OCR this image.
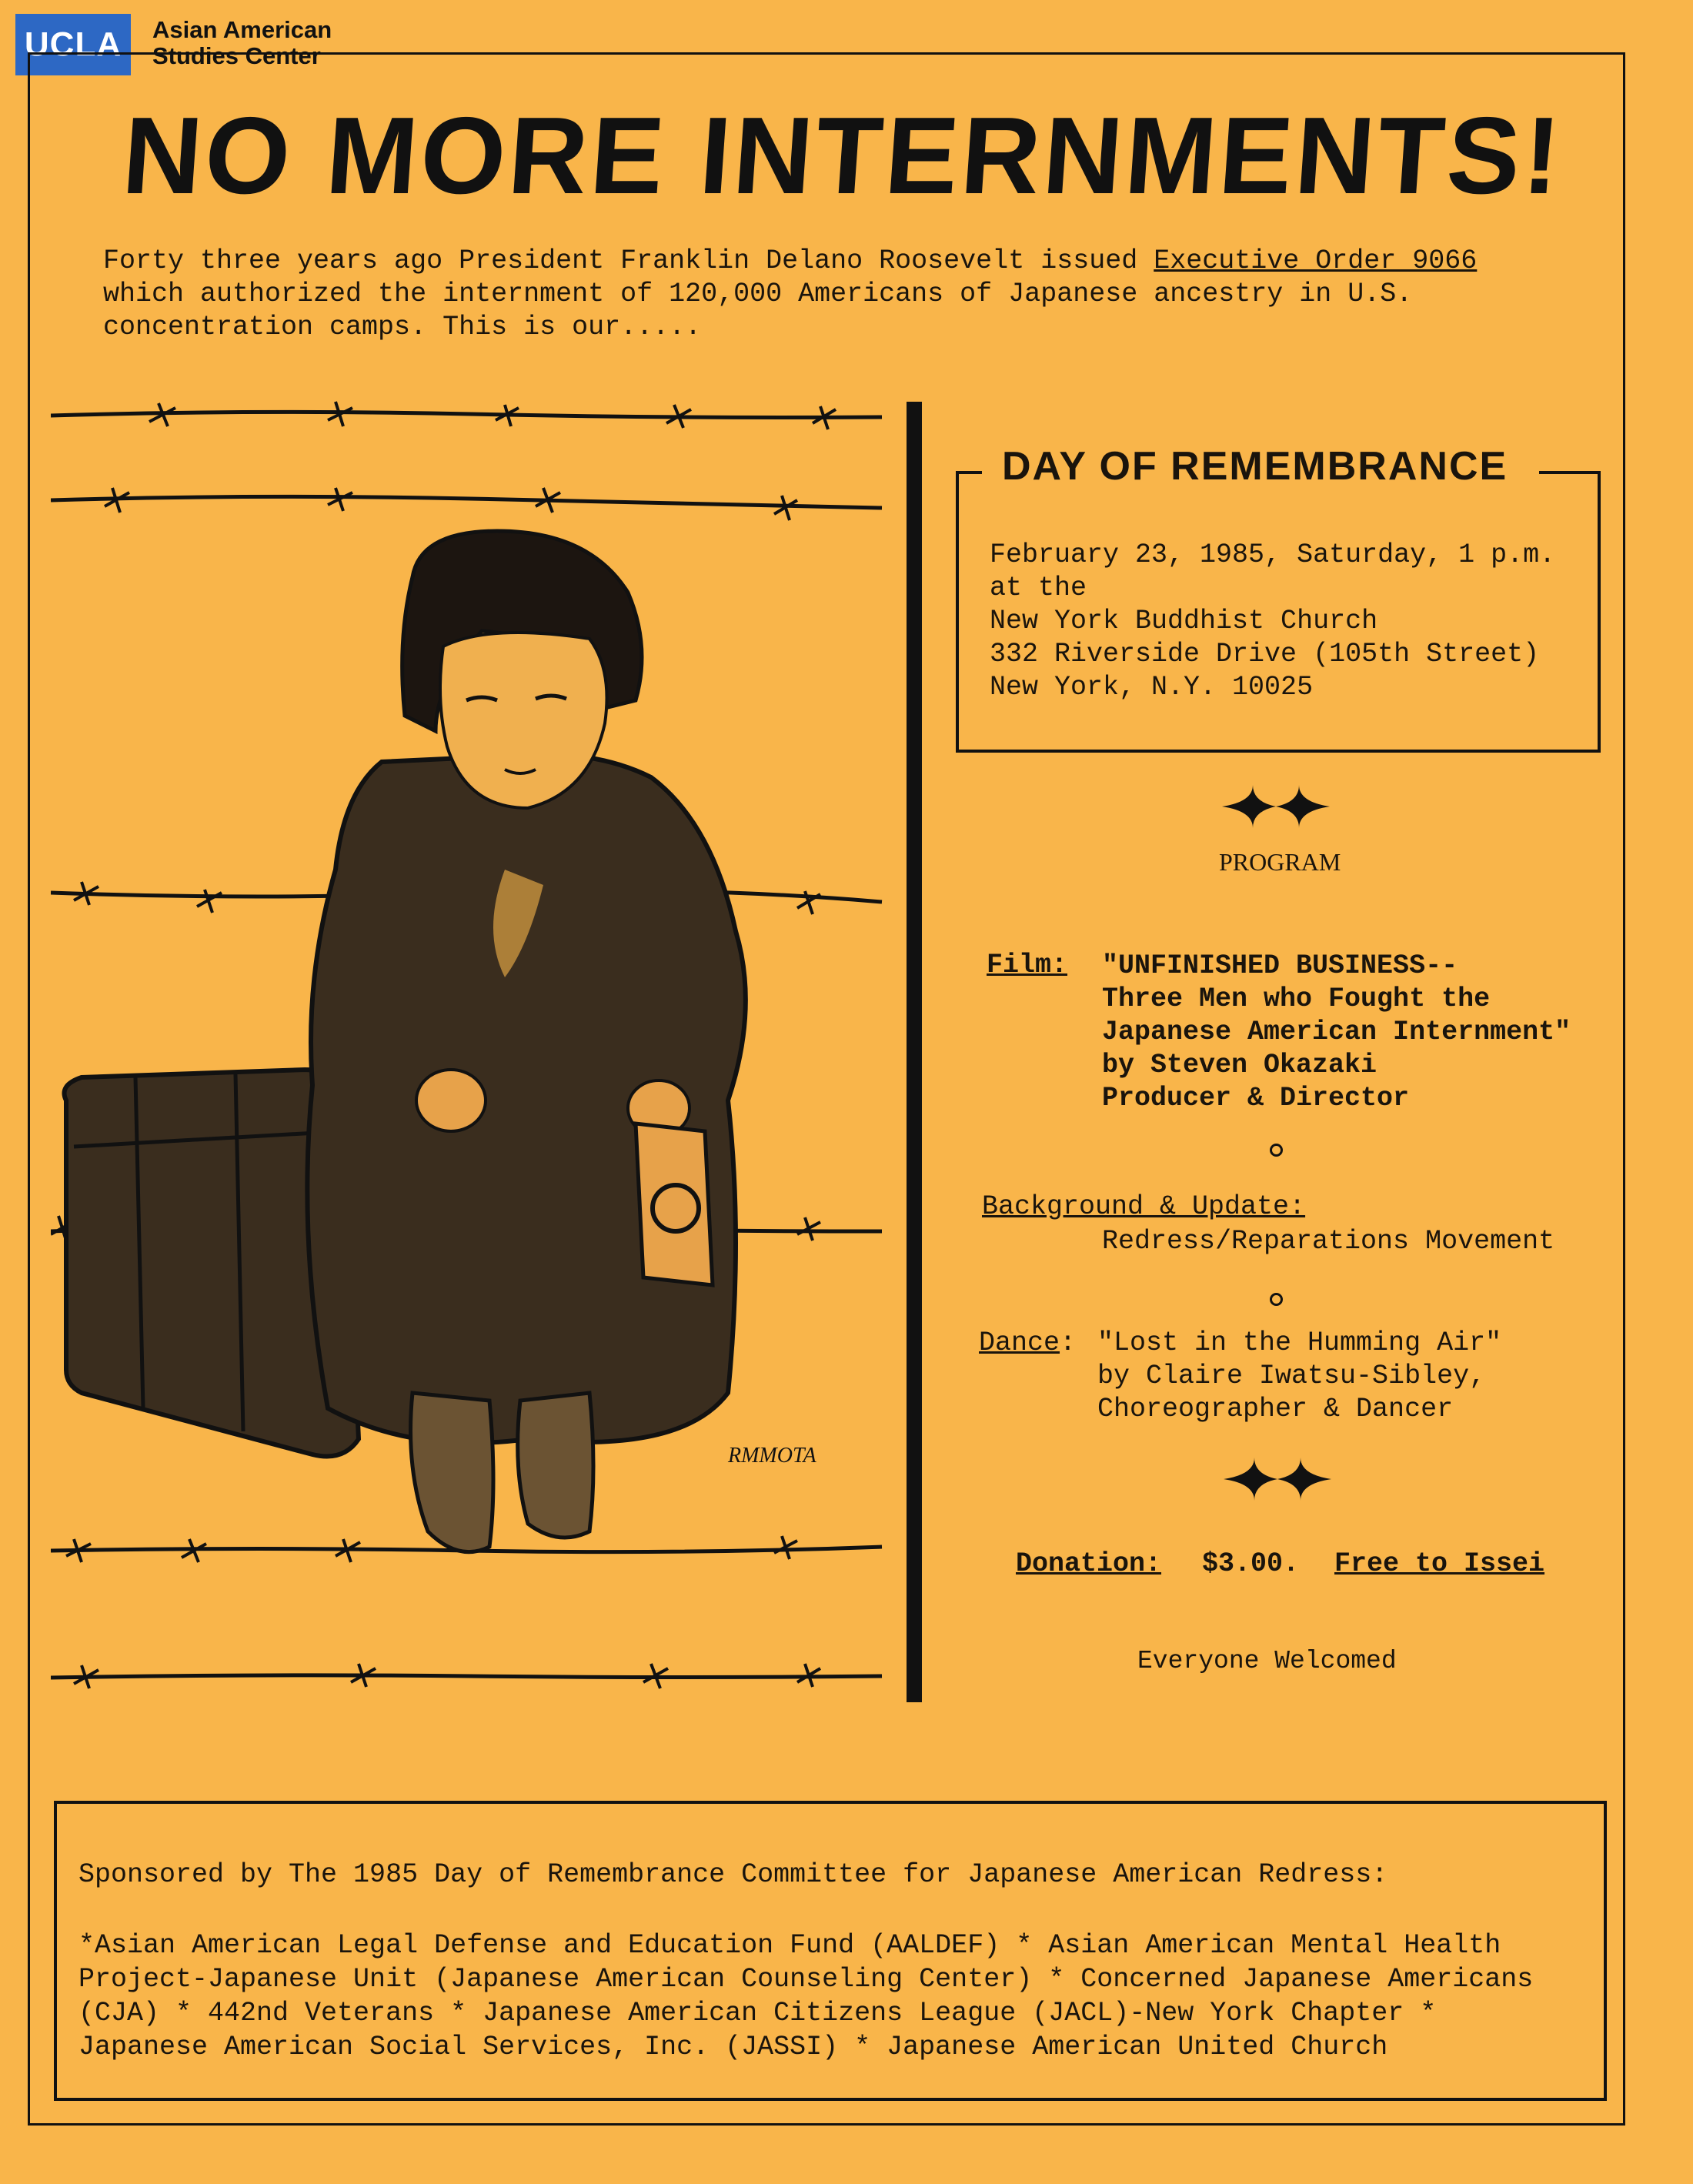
UCLA	Asian American
Studies Center
NO MORE INTERNMENTS!
Forty three years ago President Franklin Delano Roosevelt issued Executive Order 9066 which authorized the internment of 120,000 Americans of Japanese ancestry in U.S. concentration camps. This is our.....
RMMOTA
DAY OF REMEMBRANCE
February 23, 1985, Saturday, 1 p.m.
at the
New York Buddhist Church
332 Riverside Drive (105th Street)
New York, N.Y. 10025
PROGRAM
Film: "UNFINISHED BUSINESS--
Three Men who Fought the
Japanese American Internment"
by Steven Okazaki
Producer & Director
Background & Update:
Redress/Reparations Movement
Dance: "Lost in the Humming Air"
by Claire Iwatsu-Sibley,
Choreographer & Dancer
Donation: $3.00. Free to Issei
Everyone Welcomed
Sponsored by The 1985 Day of Remembrance Committee for Japanese American Redress:
*Asian American Legal Defense and Education Fund (AALDEF) * Asian American Mental Health
Project-Japanese Unit (Japanese American Counseling Center) * Concerned Japanese Americans
(CJA) * 442nd Veterans * Japanese American Citizens League (JACL)-New York Chapter *
Japanese American Social Services, Inc. (JASSI) * Japanese American United Church
